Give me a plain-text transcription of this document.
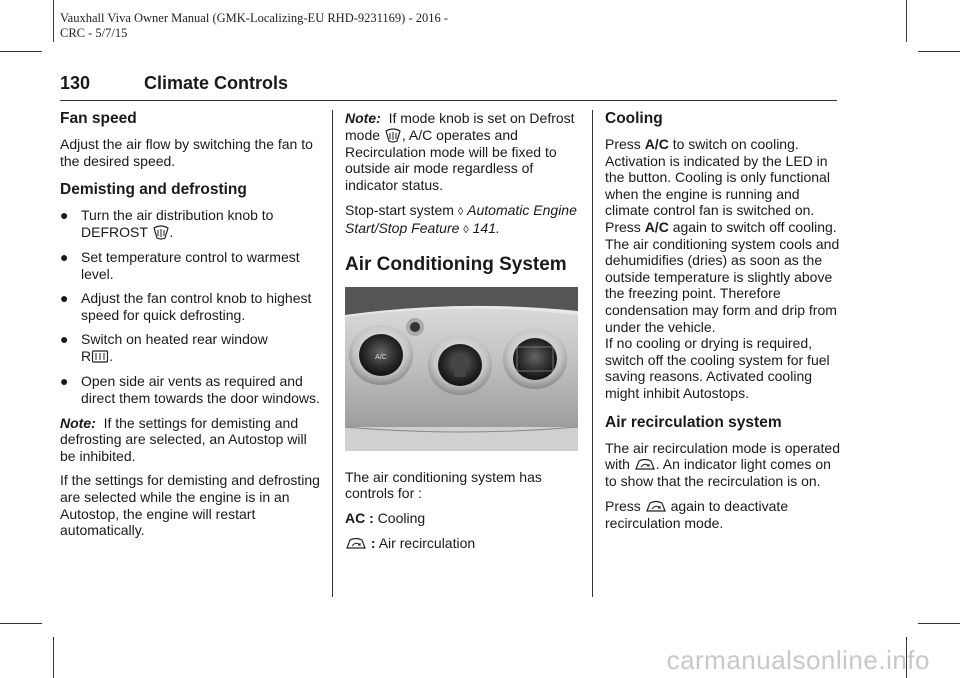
Vauxhall Viva Owner Manual (GMK-Localizing-EU RHD-9231169) - 2016 -
CRC - 5/7/15
130	Climate Controls
Fan speed

Adjust the air flow by switching the fan to the desired speed.

Demisting and defrosting
● Turn the air distribution knob to DEFROST .
● Set temperature control to warmest level.
● Adjust the fan control knob to highest speed for quick defrosting.
● Switch on heated rear window
R .
● Open side air vents as required and direct them towards the door windows.

Note: If the settings for demisting and defrosting are selected, an Autostop will be inhibited.

If the settings for demisting and defrosting are selected while the engine is in an Autostop, the engine will restart automatically.

Note: If mode knob is set on Defrost mode , A/C operates and Recirculation mode will be fixed to outside air mode regardless of indicator status.

Stop-start system ◊ Automatic Engine Start/Stop Feature ◊ 141.

Air Conditioning System
A/C

The air conditioning system has controls for :

AC : Cooling

: Air recirculation

Cooling

Press A/C to switch on cooling. Activation is indicated by the LED in the button. Cooling is only functional when the engine is running and climate control fan is switched on. Press A/C again to switch off cooling. The air conditioning system cools and dehumidifies (dries) as soon as the outside temperature is slightly above the freezing point. Therefore condensation may form and drip from under the vehicle.

If no cooling or drying is required, switch off the cooling system for fuel saving reasons. Activated cooling might inhibit Autostops.

Air recirculation system

The air recirculation mode is operated with . An indicator light comes on to show that the recirculation is on.

Press again to deactivate recirculation mode.

carmanualsonline.info
